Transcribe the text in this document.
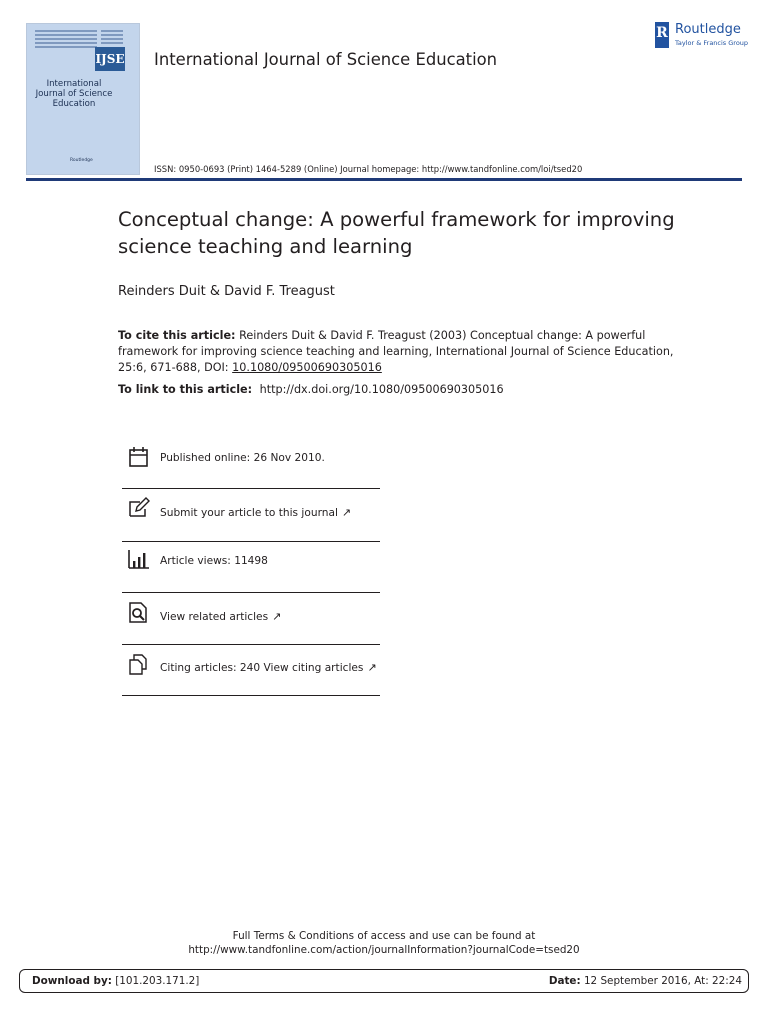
IJSE
International Journal of Science Education
Routledge
International Journal of Science Education
ISSN: 0950-0693 (Print) 1464-5289 (Online) Journal homepage: http://www.tandfonline.com/loi/tsed20
R Routledge
Taylor & Francis Group
Conceptual change: A powerful framework for improving science teaching and learning
Reinders Duit & David F. Treagust
To cite this article: Reinders Duit & David F. Treagust (2003) Conceptual change: A powerful framework for improving science teaching and learning, International Journal of Science Education, 25:6, 671-688, DOI: 10.1080/09500690305016
To link to this article: http://dx.doi.org/10.1080/09500690305016
Published online: 26 Nov 2010.
Submit your article to this journal ↗
Article views: 11498
View related articles ↗
Citing articles: 240 View citing articles ↗
Full Terms & Conditions of access and use can be found at
http://www.tandfonline.com/action/journalInformation?journalCode=tsed20
Download by: [101.203.171.2]	Date: 12 September 2016, At: 22:24
